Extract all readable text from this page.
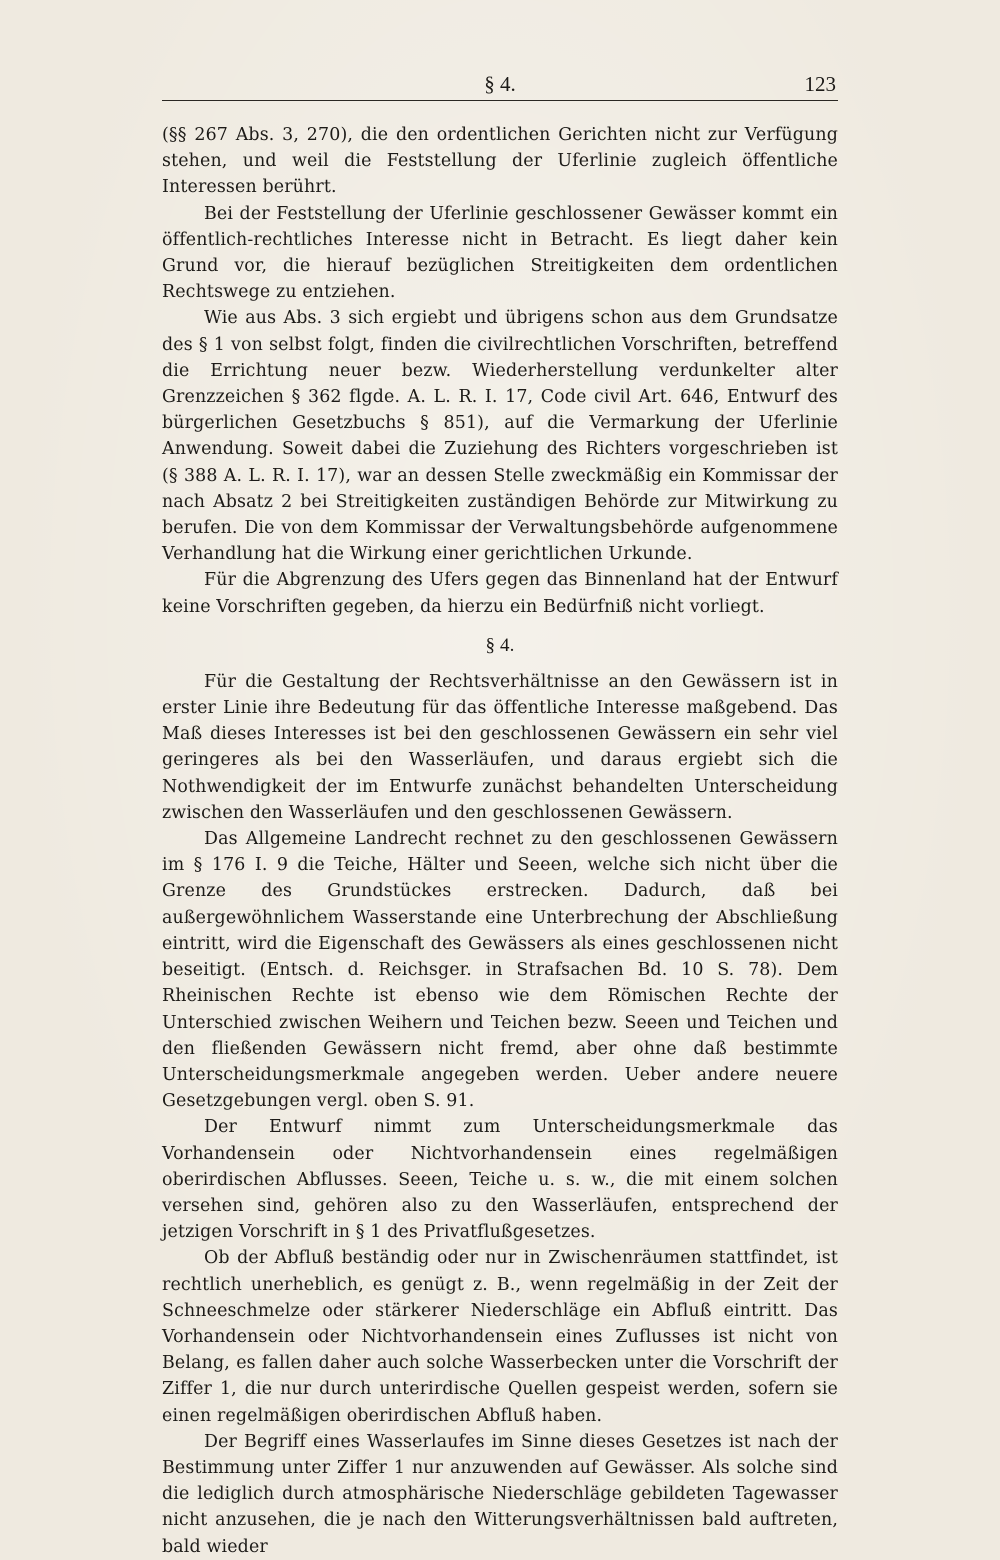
§ 4.	123

(§§ 267 Abs. 3, 270), die den ordentlichen Gerichten nicht zur Verfügung stehen, und weil die Feststellung der Uferlinie zugleich öffentliche Interessen berührt.

Bei der Feststellung der Uferlinie geschlossener Gewässer kommt ein öffentlich-rechtliches Interesse nicht in Betracht. Es liegt daher kein Grund vor, die hierauf bezüglichen Streitigkeiten dem ordentlichen Rechtswege zu entziehen.

Wie aus Abs. 3 sich ergiebt und übrigens schon aus dem Grundsatze des § 1 von selbst folgt, finden die civilrechtlichen Vorschriften, betreffend die Errichtung neuer bezw. Wiederherstellung verdunkelter alter Grenzzeichen § 362 flgde. A. L. R. I. 17, Code civil Art. 646, Entwurf des bürgerlichen Gesetzbuchs § 851), auf die Vermarkung der Uferlinie Anwendung. Soweit dabei die Zuziehung des Richters vorgeschrieben ist (§ 388 A. L. R. I. 17), war an dessen Stelle zweckmäßig ein Kommissar der nach Absatz 2 bei Streitigkeiten zuständigen Behörde zur Mitwirkung zu berufen. Die von dem Kommissar der Verwaltungsbehörde aufgenommene Verhandlung hat die Wirkung einer gerichtlichen Urkunde.

Für die Abgrenzung des Ufers gegen das Binnenland hat der Entwurf keine Vorschriften gegeben, da hierzu ein Bedürfniß nicht vorliegt.

§ 4.

Für die Gestaltung der Rechtsverhältnisse an den Gewässern ist in erster Linie ihre Bedeutung für das öffentliche Interesse maßgebend. Das Maß dieses Interesses ist bei den geschlossenen Gewässern ein sehr viel geringeres als bei den Wasserläufen, und daraus ergiebt sich die Nothwendigkeit der im Entwurfe zunächst behandelten Unterscheidung zwischen den Wasserläufen und den geschlossenen Gewässern.

Das Allgemeine Landrecht rechnet zu den geschlossenen Gewässern im § 176 I. 9 die Teiche, Hälter und Seeen, welche sich nicht über die Grenze des Grundstückes erstrecken. Dadurch, daß bei außergewöhnlichem Wasserstande eine Unterbrechung der Abschließung eintritt, wird die Eigenschaft des Gewässers als eines geschlossenen nicht beseitigt. (Entsch. d. Reichsger. in Strafsachen Bd. 10 S. 78). Dem Rheinischen Rechte ist ebenso wie dem Römischen Rechte der Unterschied zwischen Weihern und Teichen bezw. Seeen und Teichen und den fließenden Gewässern nicht fremd, aber ohne daß bestimmte Unterscheidungsmerkmale angegeben werden. Ueber andere neuere Gesetzgebungen vergl. oben S. 91.

Der Entwurf nimmt zum Unterscheidungsmerkmale das Vorhandensein oder Nichtvorhandensein eines regelmäßigen oberirdischen Abflusses. Seeen, Teiche u. s. w., die mit einem solchen versehen sind, gehören also zu den Wasserläufen, entsprechend der jetzigen Vorschrift in § 1 des Privatflußgesetzes.

Ob der Abfluß beständig oder nur in Zwischenräumen stattfindet, ist rechtlich unerheblich, es genügt z. B., wenn regelmäßig in der Zeit der Schneeschmelze oder stärkerer Niederschläge ein Abfluß eintritt. Das Vorhandensein oder Nichtvorhandensein eines Zuflusses ist nicht von Belang, es fallen daher auch solche Wasserbecken unter die Vorschrift der Ziffer 1, die nur durch unterirdische Quellen gespeist werden, sofern sie einen regelmäßigen oberirdischen Abfluß haben.

Der Begriff eines Wasserlaufes im Sinne dieses Gesetzes ist nach der Bestimmung unter Ziffer 1 nur anzuwenden auf Gewässer. Als solche sind die lediglich durch atmosphärische Niederschläge gebildeten Tagewasser nicht anzusehen, die je nach den Witterungsverhältnissen bald auftreten, bald wieder
